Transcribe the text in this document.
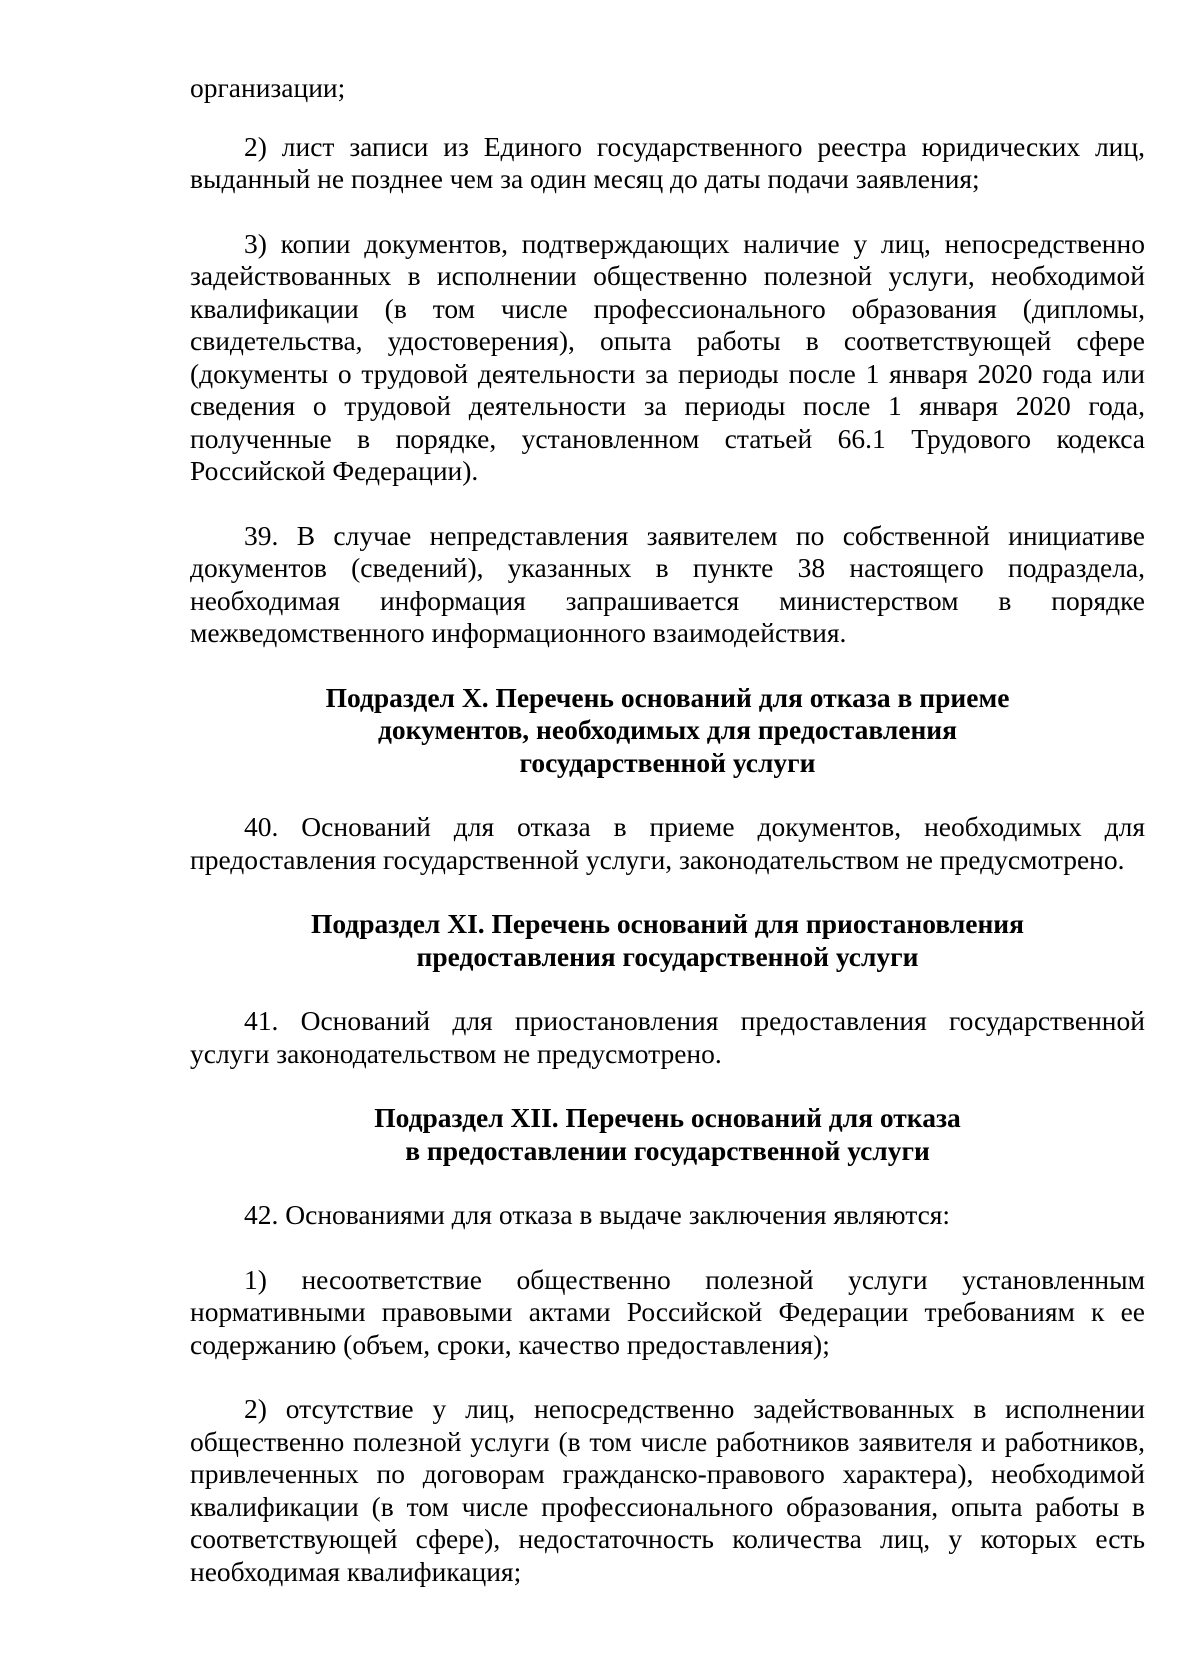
организации;

2) лист записи из Единого государственного реестра юридических лиц, выданный не позднее чем за один месяц до даты подачи заявления;

3) копии документов, подтверждающих наличие у лиц, непосредственно задействованных в исполнении общественно полезной услуги, необходимой квалификации (в том числе профессионального образования (дипломы, свидетельства, удостоверения), опыта работы в соответствующей сфере (документы о трудовой деятельности за периоды после 1 января 2020 года или сведения о трудовой деятельности за периоды после 1 января 2020 года, полученные в порядке, установленном статьей 66.1 Трудового кодекса Российской Федерации).

39. В случае непредставления заявителем по собственной инициативе документов (сведений), указанных в пункте 38 настоящего подраздела, необходимая информация запрашивается министерством в порядке межведомственного информационного взаимодействия.

Подраздел X. Перечень оснований для отказа в приеме
документов, необходимых для предоставления
государственной услуги

40. Оснований для отказа в приеме документов, необходимых для предоставления государственной услуги, законодательством не предусмотрено.

Подраздел XI. Перечень оснований для приостановления
предоставления государственной услуги

41. Оснований для приостановления предоставления государственной услуги законодательством не предусмотрено.

Подраздел XII. Перечень оснований для отказа
в предоставлении государственной услуги

42. Основаниями для отказа в выдаче заключения являются:

1) несоответствие общественно полезной услуги установленным нормативными правовыми актами Российской Федерации требованиям к ее содержанию (объем, сроки, качество предоставления);

2) отсутствие у лиц, непосредственно задействованных в исполнении общественно полезной услуги (в том числе работников заявителя и работников, привлеченных по договорам гражданско-правового характера), необходимой квалификации (в том числе профессионального образования, опыта работы в соответствующей сфере), недостаточность количества лиц, у которых есть необходимая квалификация;
